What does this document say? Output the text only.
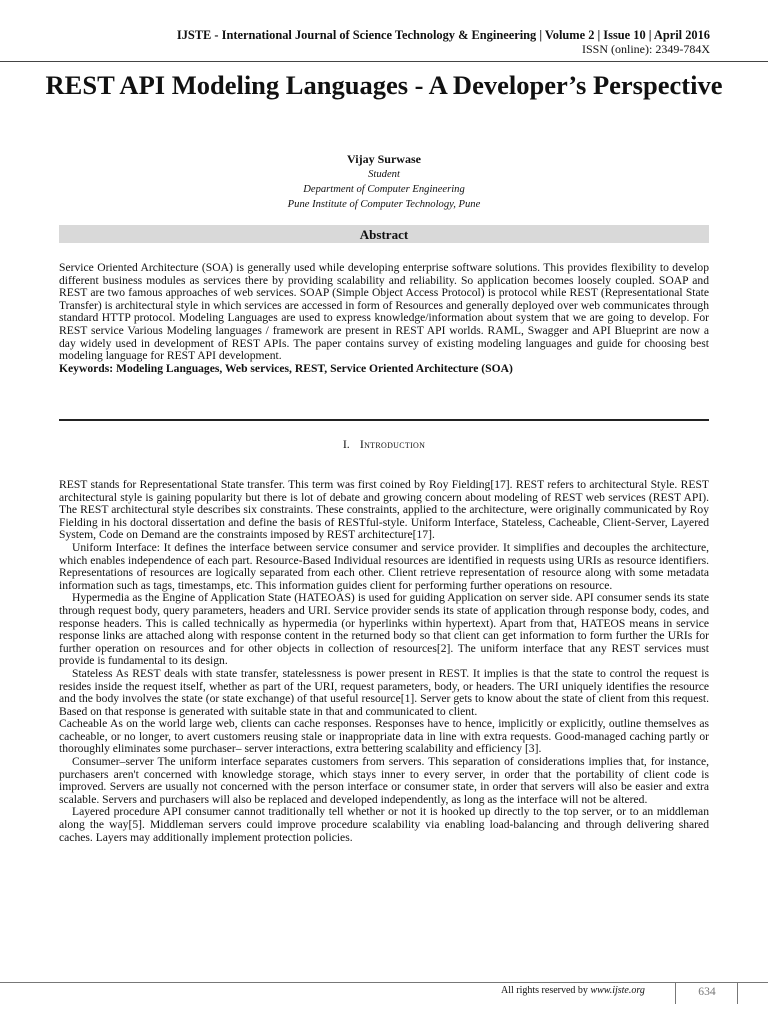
IJSTE - International Journal of Science Technology & Engineering | Volume 2 | Issue 10 | April 2016
ISSN (online): 2349-784X
REST API Modeling Languages - A Developer’s Perspective
Vijay Surwase
Student
Department of Computer Engineering
Pune Institute of Computer Technology, Pune
Abstract

Service Oriented Architecture (SOA) is generally used while developing enterprise software solutions. This provides flexibility to develop different business modules as services there by providing scalability and reliability. So application becomes loosely coupled. SOAP and REST are two famous approaches of web services. SOAP (Simple Object Access Protocol) is protocol while REST (Representational State Transfer) is architectural style in which services are accessed in form of Resources and generally deployed over web communicates through standard HTTP protocol. Modeling Languages are used to express knowledge/information about system that we are going to develop. For REST service Various Modeling languages / framework are present in REST API worlds. RAML, Swagger and API Blueprint are now a day widely used in development of REST APIs. The paper contains survey of existing modeling languages and guide for choosing best modeling language for REST API development.

Keywords: Modeling Languages, Web services, REST, Service Oriented Architecture (SOA)

I. Introduction

REST stands for Representational State transfer. This term was first coined by Roy Fielding[17]. REST refers to architectural Style. REST architectural style is gaining popularity but there is lot of debate and growing concern about modeling of REST web services (REST API). The REST architectural style describes six constraints. These constraints, applied to the architecture, were originally communicated by Roy Fielding in his doctoral dissertation and define the basis of RESTful-style. Uniform Interface, Stateless, Cacheable, Client-Server, Layered System, Code on Demand are the constraints imposed by REST architecture[17].

Uniform Interface: It defines the interface between service consumer and service provider. It simplifies and decouples the architecture, which enables independence of each part. Resource-Based Individual resources are identified in requests using URIs as resource identifiers. Representations of resources are logically separated from each other. Client retrieve representation of resource along with some metadata information such as tags, timestamps, etc. This information guides client for performing further operations on resource.

Hypermedia as the Engine of Application State (HATEOAS) is used for guiding Application on server side. API consumer sends its state through request body, query parameters, headers and URI. Service provider sends its state of application through response body, codes, and response headers. This is called technically as hypermedia (or hyperlinks within hypertext). Apart from that, HATEOS means in service response links are attached along with response content in the returned body so that client can get information to form further the URIs for further operation on resources and for other objects in collection of resources[2]. The uniform interface that any REST services must provide is fundamental to its design.

Stateless As REST deals with state transfer, statelessness is power present in REST. It implies is that the state to control the request is resides inside the request itself, whether as part of the URI, request parameters, body, or headers. The URI uniquely identifies the resource and the body involves the state (or state exchange) of that useful resource[1]. Server gets to know about the state of client from this request. Based on that response is generated with suitable state in that and communicated to client.

Cacheable As on the world large web, clients can cache responses. Responses have to hence, implicitly or explicitly, outline themselves as cacheable, or no longer, to avert customers reusing stale or inappropriate data in line with extra requests. Good-managed caching partly or thoroughly eliminates some purchaser– server interactions, extra bettering scalability and efficiency [3].

Consumer–server The uniform interface separates customers from servers. This separation of considerations implies that, for instance, purchasers aren't concerned with knowledge storage, which stays inner to every server, in order that the portability of client code is improved. Servers are usually not concerned with the person interface or consumer state, in order that servers will also be easier and extra scalable. Servers and purchasers will also be replaced and developed independently, as long as the interface will not be altered.

Layered procedure API consumer cannot traditionally tell whether or not it is hooked up directly to the top server, or to an middleman along the way[5]. Middleman servers could improve procedure scalability via enabling load-balancing and through delivering shared caches. Layers may additionally implement protection policies.

All rights reserved by www.ijste.org	634
